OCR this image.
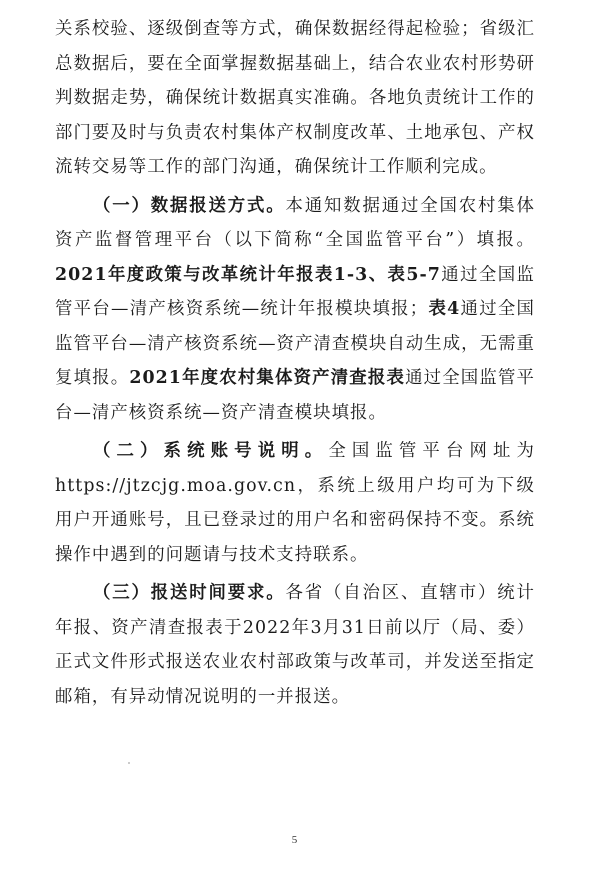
关系校验、逐级倒查等方式，确保数据经得起检验；省级汇总数据后，要在全面掌握数据基础上，结合农业农村形势研判数据走势，确保统计数据真实准确。各地负责统计工作的部门要及时与负责农村集体产权制度改革、土地承包、产权流转交易等工作的部门沟通，确保统计工作顺利完成。

（一）数据报送方式。本通知数据通过全国农村集体资产监督管理平台（以下简称“全国监管平台”）填报。2021年度政策与改革统计年报表1-3、表5-7通过全国监管平台—清产核资系统—统计年报模块填报；表4通过全国监管平台—清产核资系统—资产清查模块自动生成，无需重复填报。2021年度农村集体资产清查报表通过全国监管平台—清产核资系统—资产清查模块填报。

（二）系统账号说明。全国监管平台网址为https://jtzcjg.moa.gov.cn，系统上级用户均可为下级用户开通账号，且已登录过的用户名和密码保持不变。系统操作中遇到的问题请与技术支持联系。

（三）报送时间要求。各省（自治区、直辖市）统计年报、资产清查报表于2022年3月31日前以厅（局、委）正式文件形式报送农业农村部政策与改革司，并发送至指定邮箱，有异动情况说明的一并报送。

5
